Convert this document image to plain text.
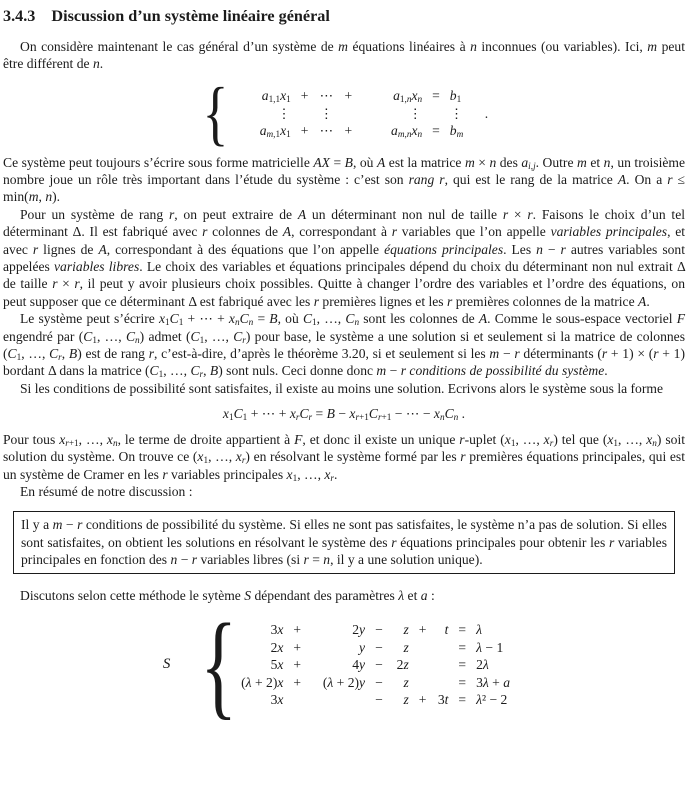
3.4.3 Discussion d’un système linéaire général

On considère maintenant le cas général d’un système de m équations linéaires à n inconnues (ou variables). Ici, m peut être différent de n.

{ $a_{1,1}x_1$	+	⋯	+	$a_{1,n}x_n$	=	$b_1$
⋮		⋮		⋮		⋮
$a_{m,1}x_1$	+	⋯	+	$a_{m,n}x_n$	=	$b_m$
.

Ce système peut toujours s’écrire sous forme matricielle AX = B, où A est la matrice m × n des $a_{i,j}$. Outre m et n, un troisième nombre joue un rôle très important dans l’étude du système : c’est son rang r, qui est le rang de la matrice A. On a r ≤ min(m, n).

Pour un système de rang r, on peut extraire de A un déterminant non nul de taille r × r. Faisons le choix d’un tel déterminant Δ. Il est fabriqué avec r colonnes de A, correspondant à r variables que l’on appelle variables principales, et avec r lignes de A, correspondant à des équations que l’on appelle équations principales. Les n − r autres variables sont appelées variables libres. Le choix des variables et équations principales dépend du choix du déterminant non nul extrait Δ de taille r × r, il peut y avoir plusieurs choix possibles. Quitte à changer l’ordre des variables et l’ordre des équations, on peut supposer que ce déterminant Δ est fabriqué avec les r premières lignes et les r premières colonnes de la matrice A.

Le système peut s’écrire $x_1C_1$ + ⋯ + $x_nC_n = B$, où $C_1$, …, $C_n$ sont les colonnes de A. Comme le sous-espace vectoriel F engendré par ($C_1$, …, $C_n$) admet ($C_1$, …, $C_r$) pour base, le système a une solution si et seulement si la matrice de colonnes ($C_1$, …, $C_r$, B) est de rang r, c’est-à-dire, d’après le théorème 3.20, si et seulement si les m − r déterminants (r + 1) × (r + 1) bordant Δ dans la matrice ($C_1$, …, $C_r$, B) sont nuls. Ceci donne donc m − r conditions de possibilité du système.

Si les conditions de possibilité sont satisfaites, il existe au moins une solution. Ecrivons alors le système sous la forme

$x_1C_1$ + ⋯ + $x_rC_r = B - x_{r+1}C_{r+1}$ − ⋯ − $x_nC_n$ .

Pour tous $x_{r+1}$, …, $x_n$, le terme de droite appartient à F, et donc il existe un unique r-uplet ($x_1$, …, $x_r$) tel que ($x_1$, …, $x_n$) soit solution du système. On trouve ce ($x_1$, …, $x_r$) en résolvant le système formé par les r premières équations principales, qui est un système de Cramer en les r variables principales $x_1$, …, $x_r$.

En résumé de notre discussion :

Il y a m − r conditions de possibilité du système. Si elles ne sont pas satisfaites, le système n’a pas de solution. Si elles sont satisfaites, on obtient les solutions en résolvant le système des r équations principales pour obtenir les r variables principales en fonction des n − r variables libres (si r = n, il y a une solution unique).

Discutons selon cette méthode le sytème S dépendant des paramètres λ et a :

S { 3x	+	2y	−	z	+	t	=	λ
2x	+	y	−	z			=	λ − 1
5x	+	4y	−	2z			=	2λ
(λ + 2)x	+	(λ + 2)y	−	z			=	3λ + a
3x			−	z	+	3t	=	λ² − 2
